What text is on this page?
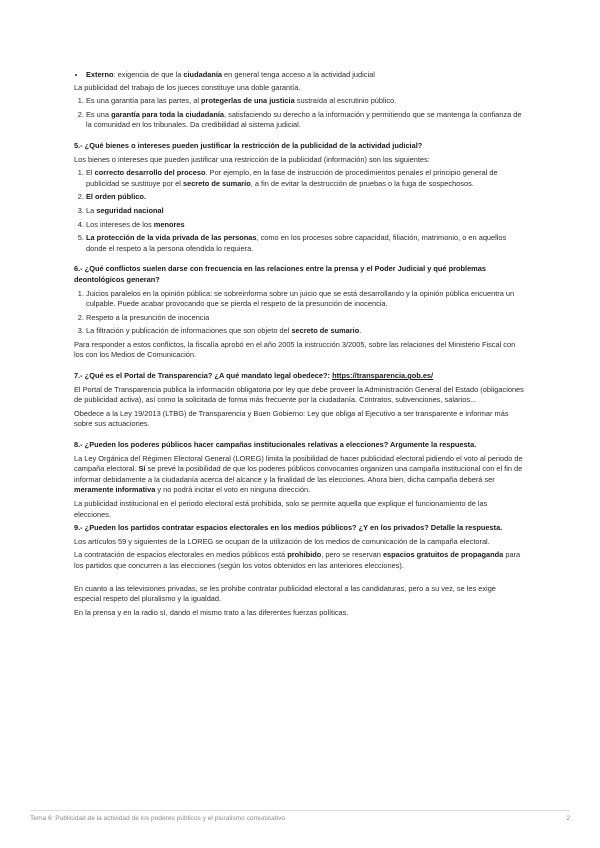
• Externo: exigencia de que la ciudadanía en general tenga acceso a la actividad judicial

La publicidad del trabajo de los jueces constituye una doble garantía.

1. Es una garantía para las partes, al protegerlas de una justicia sustraída al escrutinio público.
2. Es una garantía para toda la ciudadanía, satisfaciendo su derecho a la información y permitiendo que se mantenga la confianza de la comunidad en los tribunales. Da credibilidad al sistema judicial.

5.- ¿Qué bienes o intereses pueden justificar la restricción de la publicidad de la actividad judicial?

Los bienes o intereses que pueden justificar una restricción de la publicidad (información) son los siguientes:

1. El correcto desarrollo del proceso. Por ejemplo, en la fase de instrucción de procedimientos penales el principio general de publicidad se sustituye por el secreto de sumario, a fin de evitar la destrucción de pruebas o la fuga de sospechosos.
2. El orden público.
3. La seguridad nacional
4. Los intereses de los menores
5. La protección de la vida privada de las personas, como en los procesos sobre capacidad, filiación, matrimonio, o en aquellos donde el respeto a la persona ofendida lo requiera.

6.- ¿Qué conflictos suelen darse con frecuencia en las relaciones entre la prensa y el Poder Judicial y qué problemas deontológicos generan?

1. Juicios paralelos en la opinión pública: se sobreinforma sobre un juicio que se está desarrollando y la opinión pública encuentra un culpable. Puede acabar provocando que se pierda el respeto de la presunción de inocencia.
2. Respeto a la presunción de inocencia
3. La filtración y publicación de informaciones que son objeto del secreto de sumario.

Para responder a estos conflictos, la fiscalía aprobó en el año 2005 la instrucción 3/2005, sobre las relaciones del Ministerio Fiscal con los con los Medios de Comunicación.

7.- ¿Qué es el Portal de Transparencia? ¿A qué mandato legal obedece?: https://transparencia.gob.es/

El Portal de Transparencia publica la información obligatoria por ley que debe proveer la Administración General del Estado (obligaciones de publicidad activa), así como la solicitada de forma más frecuente por la ciudadanía. Contratos, subvenciones, salarios...

Obedece a la Ley 19/2013 (LTBG) de Transparencia y Buen Gobierno: Ley que obliga al Ejecutivo a ser transparente e informar más sobre sus actuaciones.

8.- ¿Pueden los poderes públicos hacer campañas institucionales relativas a elecciones? Argumente la respuesta.

La Ley Orgánica del Régimen Electoral General (LOREG) limita la posibilidad de hacer publicidad electoral pidiendo el voto al periodo de campaña electoral. Sí se prevé la posibilidad de que los poderes públicos convocantes organizen una campaña institucional con el fin de informar debidamente a la ciudadanía acerca del alcance y la finalidad de las elecciones. Ahora bien, dicha campaña deberá ser meramente informativa y no podrá incitar el voto en ninguna dirección.

La publicidad institucional en el periodo electoral está prohibida, solo se permite aquella que explique el funcionamiento de las elecciones.

9.- ¿Pueden los partidos contratar espacios electorales en los medios públicos? ¿Y en los privados? Detalle la respuesta.

Los artículos 59 y siguientes de la LOREG se ocupan de la utilización de los medios de comunicación de la campaña electoral.

La contratación de espacios electorales en medios públicos está prohibido, pero se reservan espacios gratuitos de propaganda para los partidos que concurren a las elecciones (según los votos obtenidos en las anteriores elecciones).

En cuanto a las televisiones privadas, se les prohibe contratar publicidad electoral a las candidaturas, pero a su vez, se les exige especial respeto del pluralismo y la igualdad.

En la prensa y en la radio sí, dando el mismo trato a las diferentes fuerzas políticas.

Tema 6: Publicidad de la actividad de los poderes públicos y el pluralismo comunicativo	2
